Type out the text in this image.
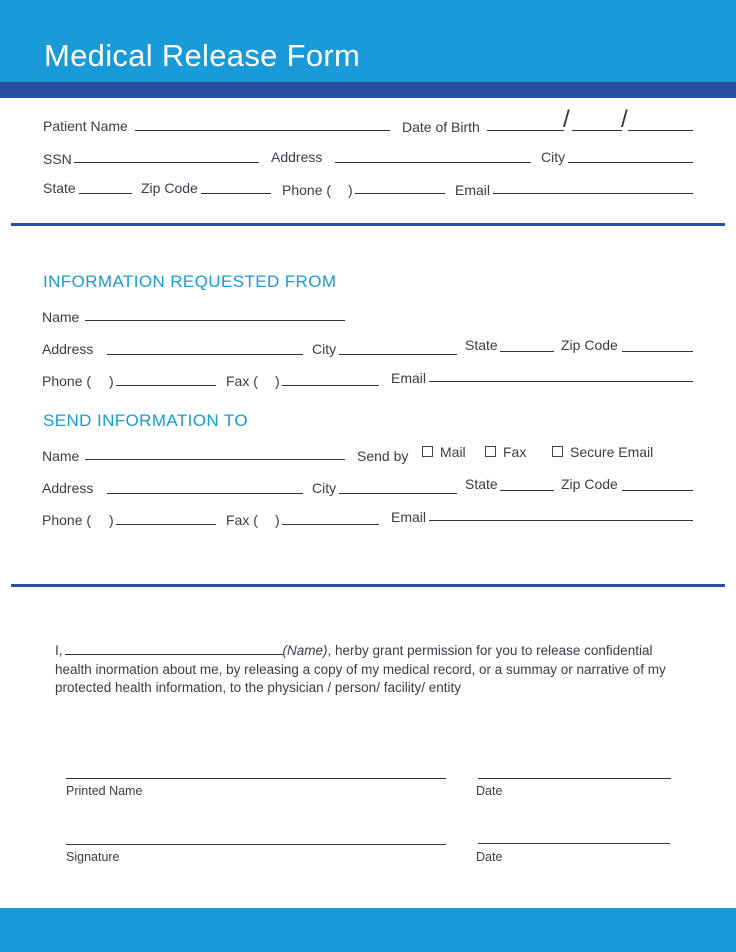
Medical Release Form
Patient Name	Date of Birth	/ /
SSN	Address	City
State	Zip Code	Phone ( )	Email
INFORMATION REQUESTED FROM
Name
Address	City	State	Zip Code
Phone ( )	Fax ( )	Email
SEND INFORMATION TO
Name	Send by	Mail	Fax	Secure Email
Address	City	State	Zip Code
Phone ( )	Fax ( )	Email
I,	(Name), herby grant permission for you to release confidential health inormation about me, by releasing a copy of my medical record, or a summay or narrative of my protected health information, to the physician / person/ facility/ entity
Printed Name	Date
Signature	Date
